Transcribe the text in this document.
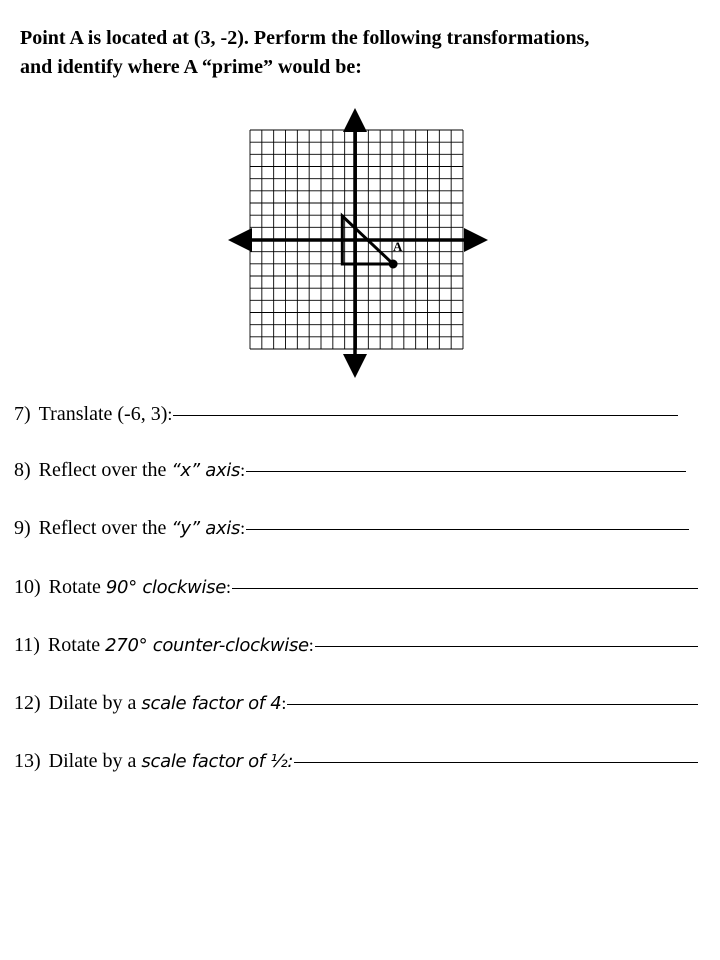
Point A is located at (3, -2). Perform the following transformations,
and identify where A “prime” would be:
A
7) Translate (-6, 3) :
8) Reflect over the “x” axis :
9) Reflect over the “y” axis :
10) Rotate 90° clockwise :
11) Rotate 270° counter-clockwise :
12) Dilate by a scale factor of 4 :
13) Dilate by a scale factor of ½:
